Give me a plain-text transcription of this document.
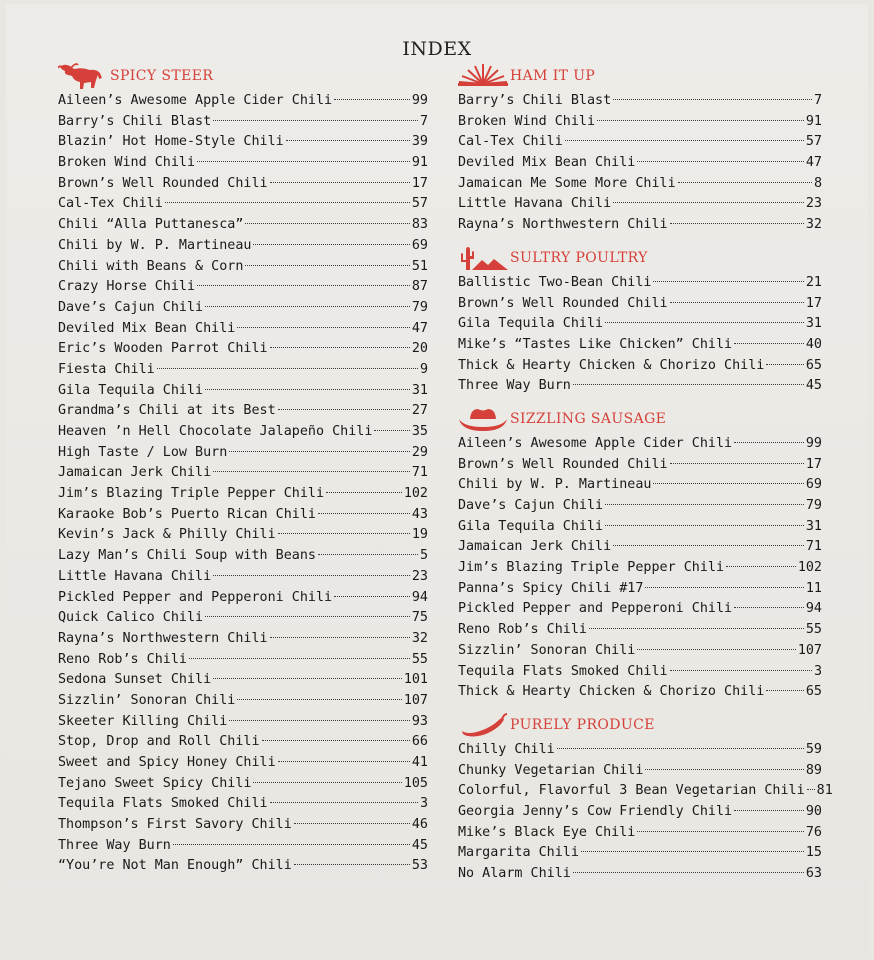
INDEX
SPICY STEER
Aileen’s Awesome Apple Cider Chili	99
Barry’s Chili Blast	7
Blazin’ Hot Home-Style Chili	39
Broken Wind Chili	91
Brown’s Well Rounded Chili	17
Cal-Tex Chili	57
Chili “Alla Puttanesca”	83
Chili by W. P. Martineau	69
Chili with Beans & Corn	51
Crazy Horse Chili	87
Dave’s Cajun Chili	79
Deviled Mix Bean Chili	47
Eric’s Wooden Parrot Chili	20
Fiesta Chili	9
Gila Tequila Chili	31
Grandma’s Chili at its Best	27
Heaven ’n Hell Chocolate Jalapeño Chili	35
High Taste / Low Burn	29
Jamaican Jerk Chili	71
Jim’s Blazing Triple Pepper Chili	102
Karaoke Bob’s Puerto Rican Chili	43
Kevin’s Jack & Philly Chili	19
Lazy Man’s Chili Soup with Beans	5
Little Havana Chili	23
Pickled Pepper and Pepperoni Chili	94
Quick Calico Chili	75
Rayna’s Northwestern Chili	32
Reno Rob’s Chili	55
Sedona Sunset Chili	101
Sizzlin’ Sonoran Chili	107
Skeeter Killing Chili	93
Stop, Drop and Roll Chili	66
Sweet and Spicy Honey Chili	41
Tejano Sweet Spicy Chili	105
Tequila Flats Smoked Chili	3
Thompson’s First Savory Chili	46
Three Way Burn	45
“You’re Not Man Enough” Chili	53
HAM IT UP
Barry’s Chili Blast	7
Broken Wind Chili	91
Cal-Tex Chili	57
Deviled Mix Bean Chili	47
Jamaican Me Some More Chili	8
Little Havana Chili	23
Rayna’s Northwestern Chili	32
SULTRY POULTRY
Ballistic Two-Bean Chili	21
Brown’s Well Rounded Chili	17
Gila Tequila Chili	31
Mike’s “Tastes Like Chicken” Chili	40
Thick & Hearty Chicken & Chorizo Chili	65
Three Way Burn	45
SIZZLING SAUSAGE
Aileen’s Awesome Apple Cider Chili	99
Brown’s Well Rounded Chili	17
Chili by W. P. Martineau	69
Dave’s Cajun Chili	79
Gila Tequila Chili	31
Jamaican Jerk Chili	71
Jim’s Blazing Triple Pepper Chili	102
Panna’s Spicy Chili #17	11
Pickled Pepper and Pepperoni Chili	94
Reno Rob’s Chili	55
Sizzlin’ Sonoran Chili	107
Tequila Flats Smoked Chili	3
Thick & Hearty Chicken & Chorizo Chili	65
PURELY PRODUCE
Chilly Chili	59
Chunky Vegetarian Chili	89
Colorful, Flavorful 3 Bean Vegetarian Chili 81
Georgia Jenny’s Cow Friendly Chili	90
Mike’s Black Eye Chili	76
Margarita Chili	15
No Alarm Chili	63
